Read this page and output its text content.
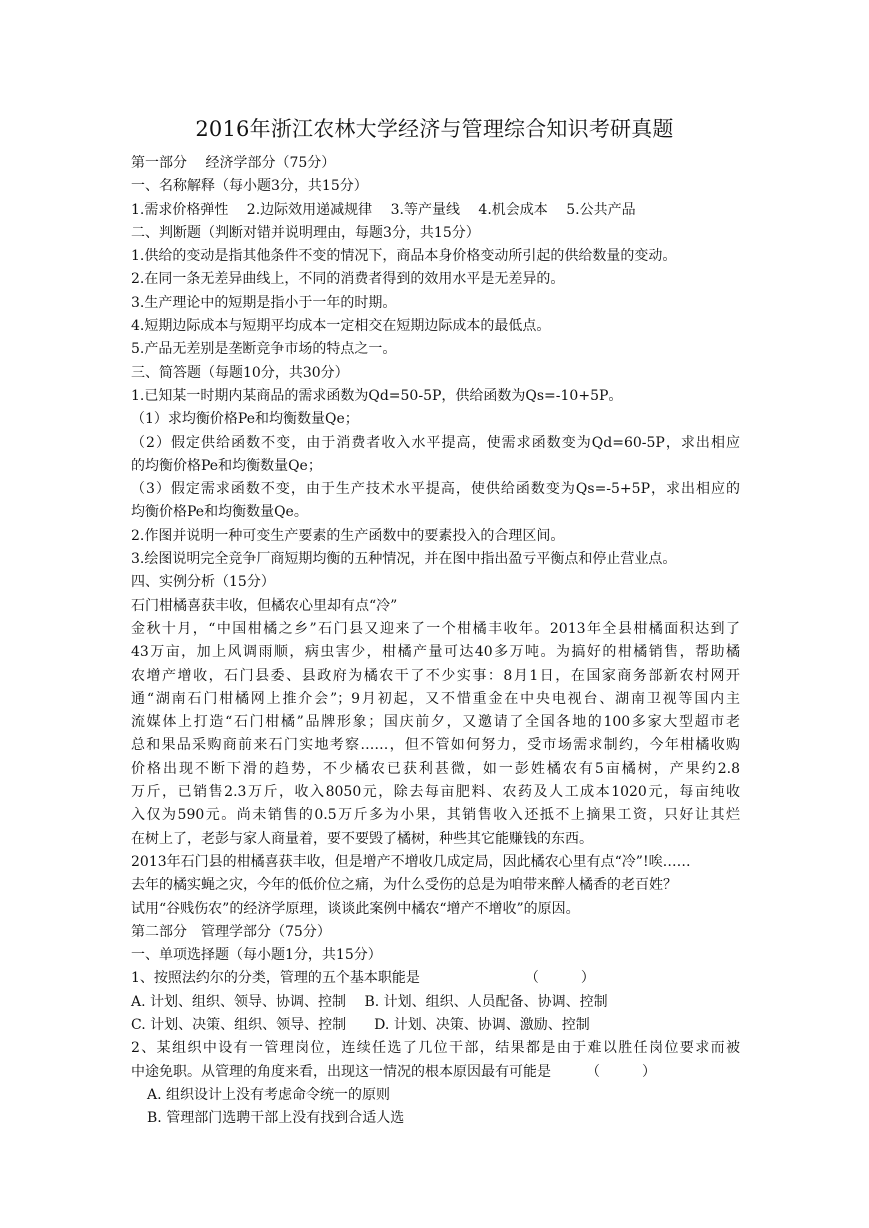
2016年浙江农林大学经济与管理综合知识考研真题
第一部分　 经济学部分（75分）
一、名称解释（每小题3分，共15分）
1.需求价格弹性　 2.边际效用递减规律　 3.等产量线　 4.机会成本　 5.公共产品
二、判断题（判断对错并说明理由，每题3分，共15分）
1.供给的变动是指其他条件不变的情况下，商品本身价格变动所引起的供给数量的变动。
2.在同一条无差异曲线上，不同的消费者得到的效用水平是无差异的。
3.生产理论中的短期是指小于一年的时期。
4.短期边际成本与短期平均成本一定相交在短期边际成本的最低点。
5.产品无差别是垄断竞争市场的特点之一。
三、简答题（每题10分，共30分）
1.已知某一时期内某商品的需求函数为Qd=50-5P，供给函数为Qs=-10+5P。
（1）求均衡价格Pe和均衡数量Qe；
（2）假定供给函数不变，由于消费者收入水平提高，使需求函数变为Qd=60-5P，求出相应
的均衡价格Pe和均衡数量Qe；
（3）假定需求函数不变，由于生产技术水平提高，使供给函数变为Qs=-5+5P，求出相应的
均衡价格Pe和均衡数量Qe。
2.作图并说明一种可变生产要素的生产函数中的要素投入的合理区间。
3.绘图说明完全竞争厂商短期均衡的五种情况，并在图中指出盈亏平衡点和停止营业点。
四、实例分析（15分）
石门柑橘喜获丰收，但橘农心里却有点“冷”
金秋十月，“中国柑橘之乡”石门县又迎来了一个柑橘丰收年。2013年全县柑橘面积达到了
43万亩，加上风调雨顺，病虫害少，柑橘产量可达40多万吨。为搞好的柑橘销售，帮助橘
农增产增收，石门县委、县政府为橘农干了不少实事：8月1日，在国家商务部新农村网开
通“湖南石门柑橘网上推介会”；9月初起，又不惜重金在中央电视台、湖南卫视等国内主
流媒体上打造“石门柑橘”品牌形象；国庆前夕，又邀请了全国各地的100多家大型超市老
总和果品采购商前来石门实地考察……，但不管如何努力，受市场需求制约，今年柑橘收购
价格出现不断下滑的趋势，不少橘农已获利甚微，如一彭姓橘农有5亩橘树，产果约2.8
万斤，已销售2.3万斤，收入8050元，除去每亩肥料、农药及人工成本1020元，每亩纯收
入仅为590元。尚未销售的0.5万斤多为小果，其销售收入还抵不上摘果工资，只好让其烂
在树上了，老彭与家人商量着，要不要毁了橘树，种些其它能赚钱的东西。
2013年石门县的柑橘喜获丰收，但是增产不增收几成定局，因此橘农心里有点“冷”!唉……
去年的橘实蝇之灾，今年的低价位之痛，为什么受伤的总是为咱带来醉人橘香的老百姓？
试用“谷贱伤农”的经济学原理，谈谈此案例中橘农“增产不增收”的原因。
第二部分　管理学部分（75分）
一、单项选择题（每小题1分，共15分）
1、按照法约尔的分类，管理的五个基本职能是　　　　　　　　（　　　）
A. 计划、组织、领导、协调、控制　 B. 计划、组织、人员配备、协调、控制
C. 计划、决策、组织、领导、控制　　D. 计划、决策、协调、激励、控制
2、某组织中设有一管理岗位，连续任选了几位干部，结果都是由于难以胜任岗位要求而被
中途免职。从管理的角度来看，出现这一情况的根本原因最有可能是　　　（　　　）
A. 组织设计上没有考虑命令统一的原则
B. 管理部门选聘干部上没有找到合适人选
